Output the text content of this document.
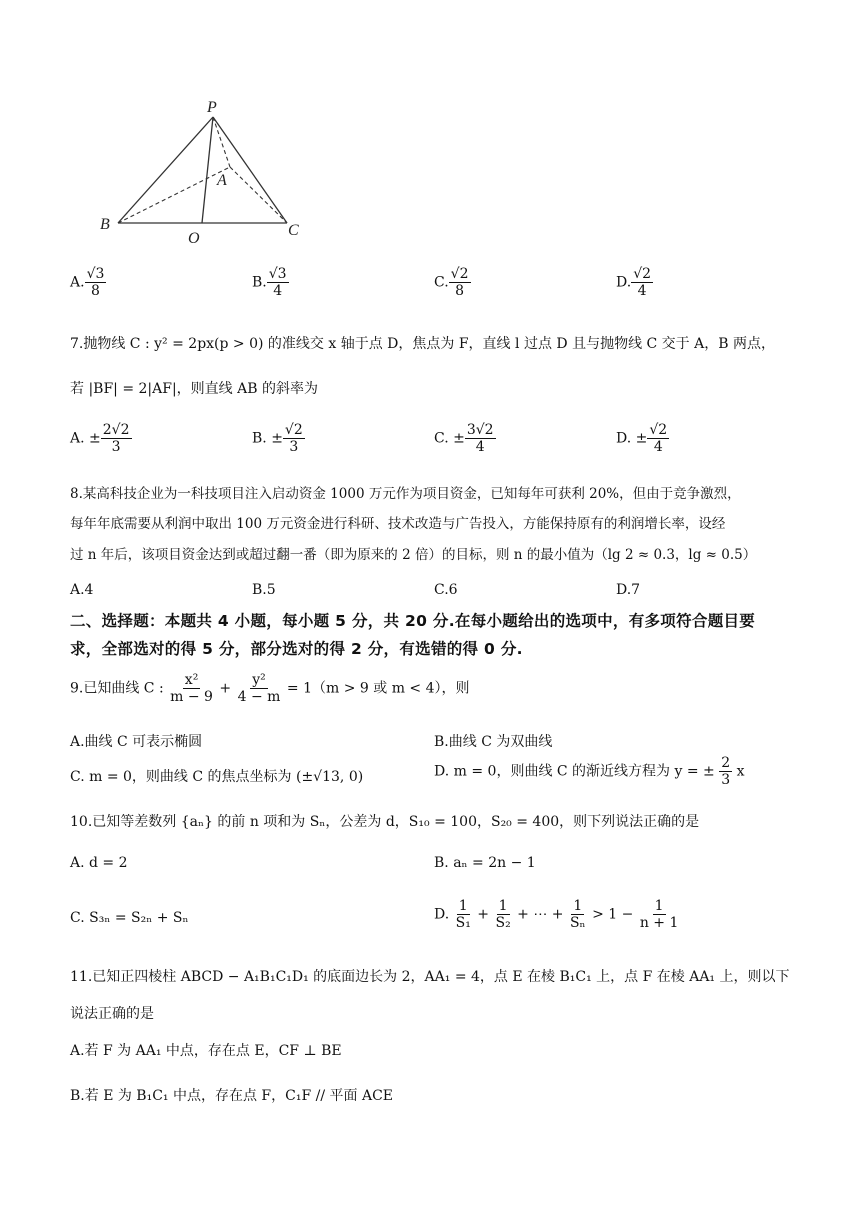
P
A
B
O	C
A. $\frac{√3}{8}$	B. $\frac{√3}{4}$	C. $\frac{√2}{8}$	D. $\frac{√2}{4}$
7.抛物线 C : y² = 2px(p > 0) 的准线交 x 轴于点 D，焦点为 F，直线 l 过点 D 且与抛物线 C 交于 A，B 两点，
若 |BF| = 2|AF|，则直线 AB 的斜率为
A. ± $\frac{2√2}{3}$	B. ± $\frac{√2}{3}$	C. ± $\frac{3√2}{4}$	D. ± $\frac{√2}{4}$
8.某高科技企业为一科技项目注入启动资金 1000 万元作为项目资金，已知每年可获利 20%，但由于竞争激烈，
每年年底需要从利润中取出 100 万元资金进行科研、技术改造与广告投入，方能保持原有的利润增长率，设经
过 n 年后，该项目资金达到或超过翻一番（即为原来的 2 倍）的目标，则 n 的最小值为（lg 2 ≈ 0.3，lg ≈ 0.5）
A.4	B.5	C.6	D.7
二、选择题：本题共 4 小题，每小题 5 分，共 20 分.在每小题给出的选项中，有多项符合题目要
求，全部选对的得 5 分，部分选对的得 2 分，有选错的得 0 分.
9.已知曲线 C : $\frac{\text{x²}}{m - 9} + \frac{\text{y²}}{4 - m} = 1(m > 9$ 或 m < 4），则
A.曲线 C 可表示椭圆	B.曲线 C 为双曲线
C. m = 0，则曲线 C 的焦点坐标为 (±√13, 0)	D. m = 0，则曲线 C 的渐近线方程为 y = ± $\frac{2}{3}$ x
10.已知等差数列 {aₙ} 的前 n 项和为 Sₙ，公差为 d，S₁₀ = 100，S₂₀ = 400，则下列说法正确的是
A. d = 2	B. aₙ = 2n − 1
C. S₃ₙ = S₂ₙ + Sₙ	D. $\frac{1}{\text{S₁}} + \frac{1}{\text{S₂}}$ + ⋯ + $\frac{1}{\text{Sₙ}} > 1 - \frac{1}{n + 1}$
11.已知正四棱柱 ABCD − A₁B₁C₁D₁ 的底面边长为 2，AA₁ = 4，点 E 在棱 B₁C₁ 上，点 F 在棱 AA₁ 上，则以下
说法正确的是
A.若 F 为 AA₁ 中点，存在点 E，CF ⊥ BE
B.若 E 为 B₁C₁ 中点，存在点 F，C₁F // 平面 ACE
